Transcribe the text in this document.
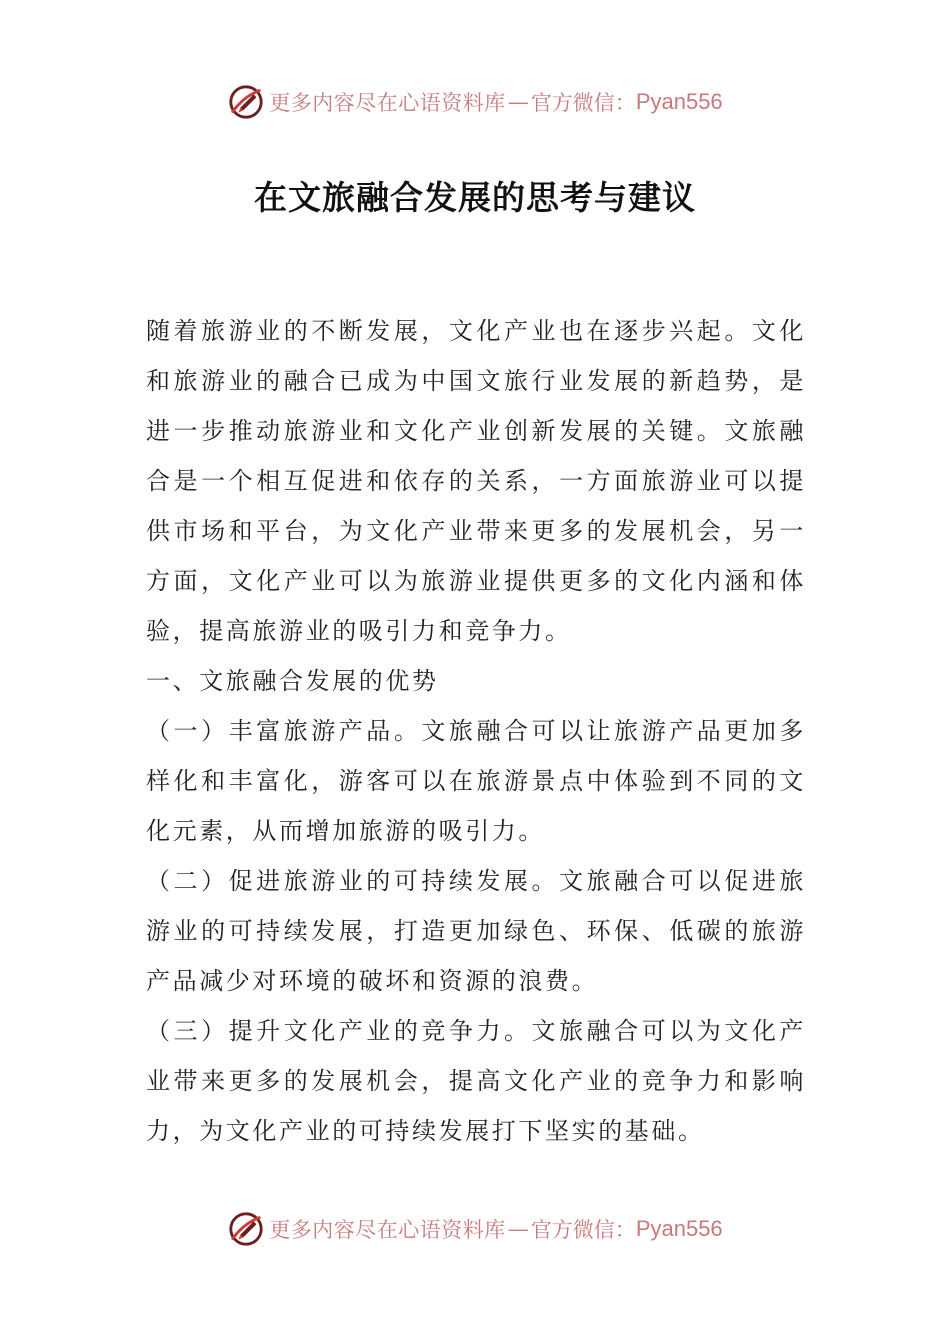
更多内容尽在心语资料库 — 官方微信： Pyan556
在文旅融合发展的思考与建议

随着旅游业的不断发展，文化产业也在逐步兴起。文化和旅游业的融合已成为中国文旅行业发展的新趋势，是进一步推动旅游业和文化产业创新发展的关键。文旅融合是一个相互促进和依存的关系，一方面旅游业可以提供市场和平台，为文化产业带来更多的发展机会，另一方面，文化产业可以为旅游业提供更多的文化内涵和体验，提高旅游业的吸引力和竞争力。

一、文旅融合发展的优势

（一）丰富旅游产品。文旅融合可以让旅游产品更加多样化和丰富化，游客可以在旅游景点中体验到不同的文化元素，从而增加旅游的吸引力。

（二）促进旅游业的可持续发展。文旅融合可以促进旅游业的可持续发展，打造更加绿色、环保、低碳的旅游产品减少对环境的破坏和资源的浪费。

（三）提升文化产业的竞争力。文旅融合可以为文化产业带来更多的发展机会，提高文化产业的竞争力和影响力，为文化产业的可持续发展打下坚实的基础。

更多内容尽在心语资料库 — 官方微信： Pyan556
